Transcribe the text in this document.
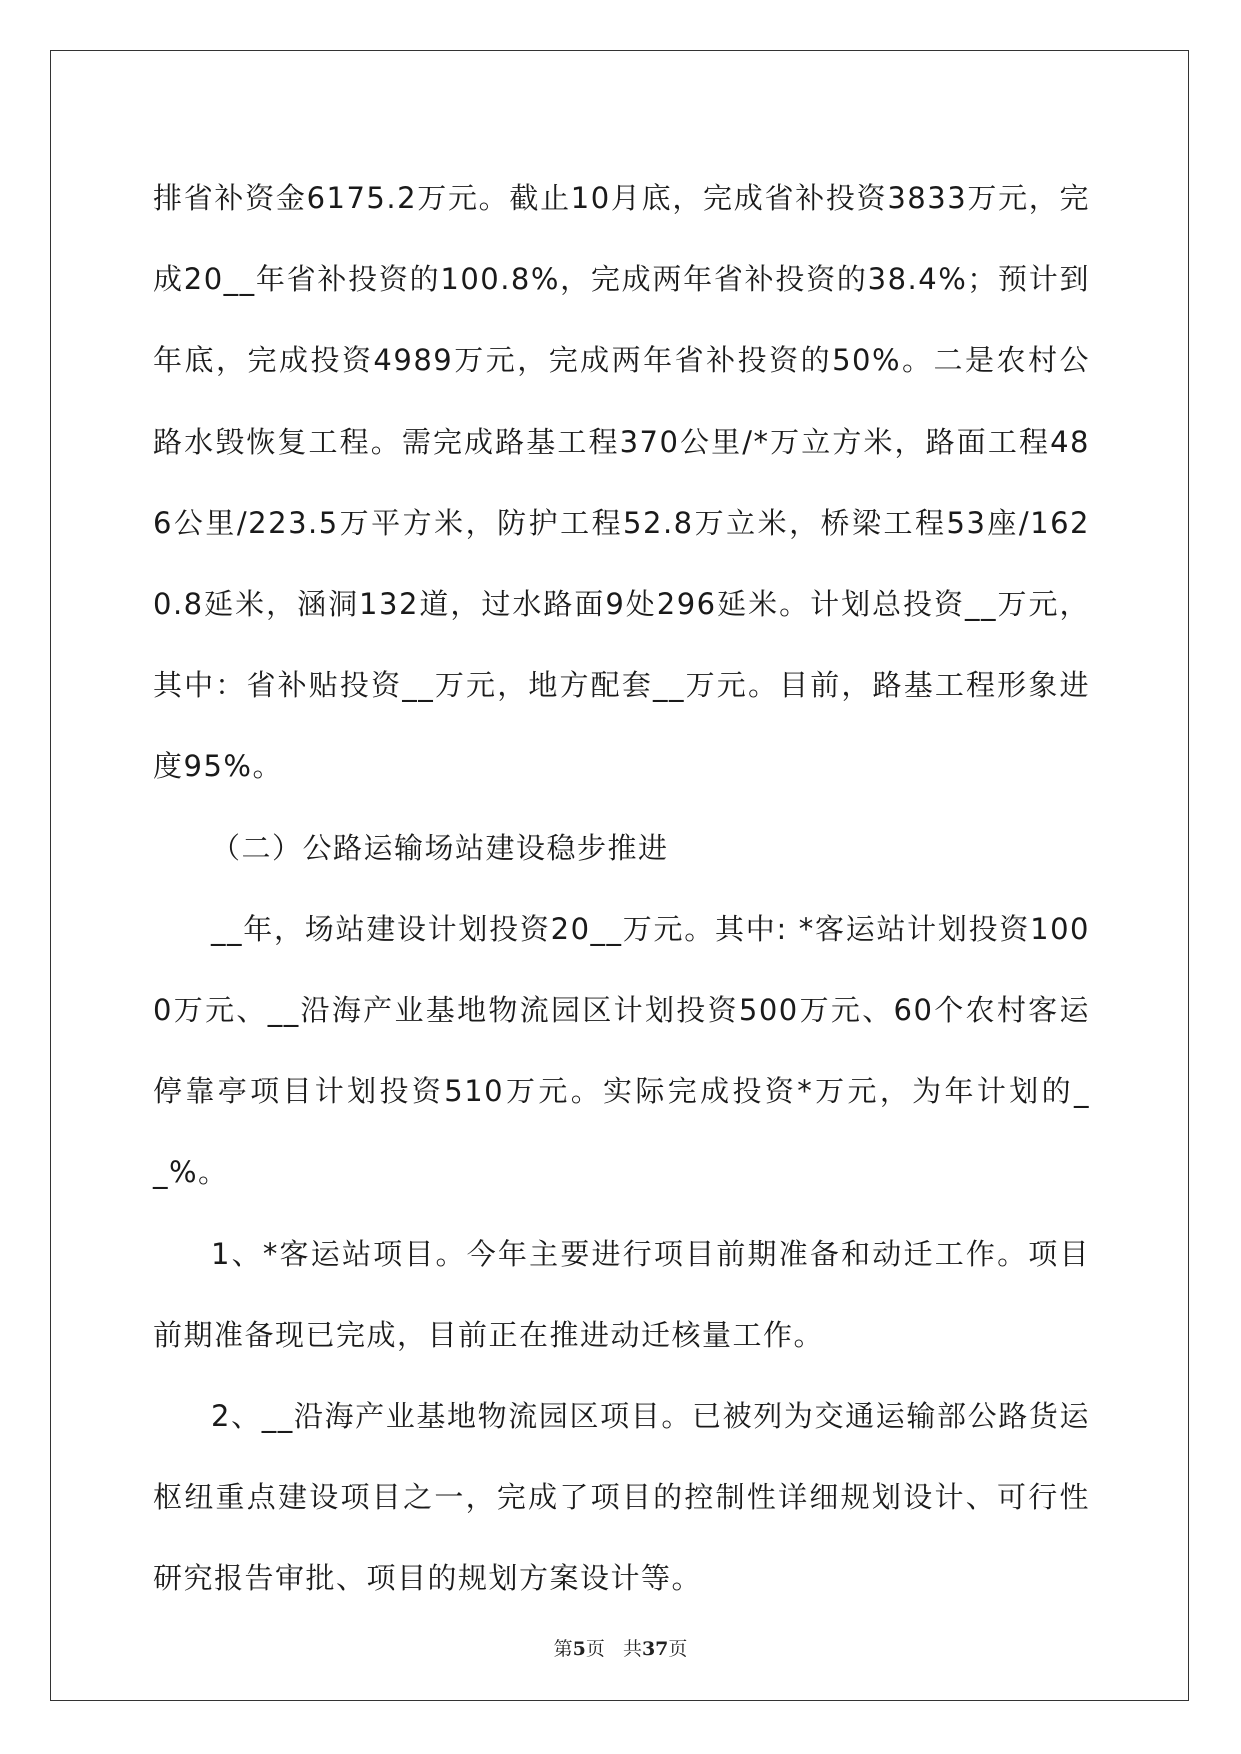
排省补资金6175.2万元。截止10月底，完成省补投资3833万元，完成20__年省补投资的100.8%，完成两年省补投资的38.4%；预计到年底，完成投资4989万元，完成两年省补投资的50%。二是农村公路水毁恢复工程。需完成路基工程370公里/*万立方米，路面工程486公里/223.5万平方米，防护工程52.8万立米，桥梁工程53座/1620.8延米，涵洞132道，过水路面9处296延米。计划总投资__万元，其中：省补贴投资__万元，地方配套__万元。目前，路基工程形象进度95%。

（二）公路运输场站建设稳步推进

__年，场站建设计划投资20__万元。其中: *客运站计划投资1000万元、__沿海产业基地物流园区计划投资500万元、60个农村客运停靠亭项目计划投资510万元。实际完成投资*万元，为年计划的__%。

1、*客运站项目。今年主要进行项目前期准备和动迁工作。项目前期准备现已完成，目前正在推进动迁核量工作。

2、__沿海产业基地物流园区项目。已被列为交通运输部公路货运枢纽重点建设项目之一，完成了项目的控制性详细规划设计、可行性研究报告审批、项目的规划方案设计等。

第5页   共37页
